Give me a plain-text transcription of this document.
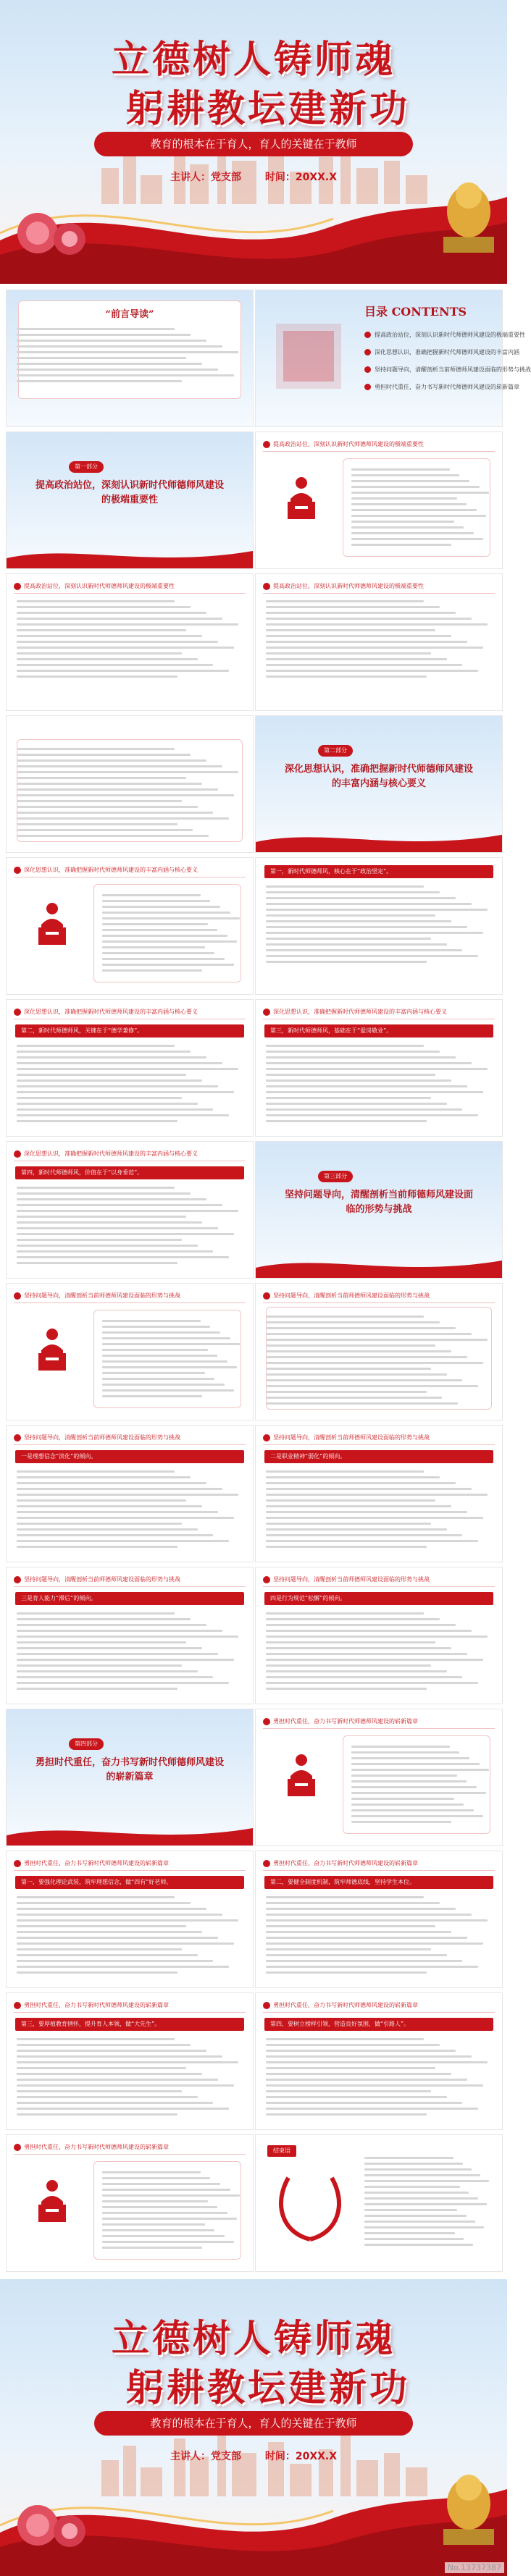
立德树人铸师魂
躬耕教坛建新功
教育的根本在于育人，育人的关键在于教师
主讲人：党支部 时间：20XX.X
“前言导读”	目录 CONTENTS
提高政治站位，深刻认识新时代师德师风建设的极端重要性
深化思想认识，准确把握新时代师德师风建设的丰富内涵
坚持问题导向，清醒剖析当前师德师风建设面临的形势与挑战
勇担时代重任，奋力书写新时代师德师风建设的崭新篇章
第一部分
提高政治站位，深刻认识新时代师德师风建设的极端重要性
提高政治站位，深刻认识新时代师德师风建设的极端重要性
提高政治站位，深刻认识新时代师德师风建设的极端重要性	提高政治站位，深刻认识新时代师德师风建设的极端重要性
第二部分
深化思想认识，准确把握新时代师德师风建设的丰富内涵与核心要义
深化思想认识，准确把握新时代师德师风建设的丰富内涵与核心要义	第一，新时代师德师风，核心在于“政治坚定”。
深化思想认识，准确把握新时代师德师风建设的丰富内涵与核心要义
第二，新时代师德师风，关键在于“德学兼修”。
深化思想认识，准确把握新时代师德师风建设的丰富内涵与核心要义
第三，新时代师德师风，基础在于“爱岗敬业”。
深化思想认识，准确把握新时代师德师风建设的丰富内涵与核心要义
第四，新时代师德师风，价值在于“以身垂范”。
第三部分
坚持问题导向，清醒剖析当前师德师风建设面临的形势与挑战
坚持问题导向，清醒剖析当前师德师风建设面临的形势与挑战	坚持问题导向，清醒剖析当前师德师风建设面临的形势与挑战
坚持问题导向，清醒剖析当前师德师风建设面临的形势与挑战
一是理想信念“淡化”的倾向。
坚持问题导向，清醒剖析当前师德师风建设面临的形势与挑战
二是职业精神“弱化”的倾向。
坚持问题导向，清醒剖析当前师德师风建设面临的形势与挑战
三是育人能力“滞后”的倾向。
坚持问题导向，清醒剖析当前师德师风建设面临的形势与挑战
四是行为规范“松懈”的倾向。
第四部分
勇担时代重任，奋力书写新时代师德师风建设的崭新篇章
勇担时代重任，奋力书写新时代师德师风建设的崭新篇章
勇担时代重任，奋力书写新时代师德师风建设的崭新篇章
第一，要强化理论武装，筑牢理想信念，做“四有”好老师。
勇担时代重任，奋力书写新时代师德师风建设的崭新篇章
第二，要健全制度机制，筑牢师德底线，坚持学生本位。
勇担时代重任，奋力书写新时代师德师风建设的崭新篇章
第三，要厚植教育情怀，提升育人本领，做“大先生”。
勇担时代重任，奋力书写新时代师德师风建设的崭新篇章
第四，要树立榜样引领，营造良好氛围，做“引路人”。
勇担时代重任，奋力书写新时代师德师风建设的崭新篇章
结束语
立德树人铸师魂
躬耕教坛建新功
教育的根本在于育人，育人的关键在于教师
主讲人：党支部 时间：20XX.X
No.13737387
